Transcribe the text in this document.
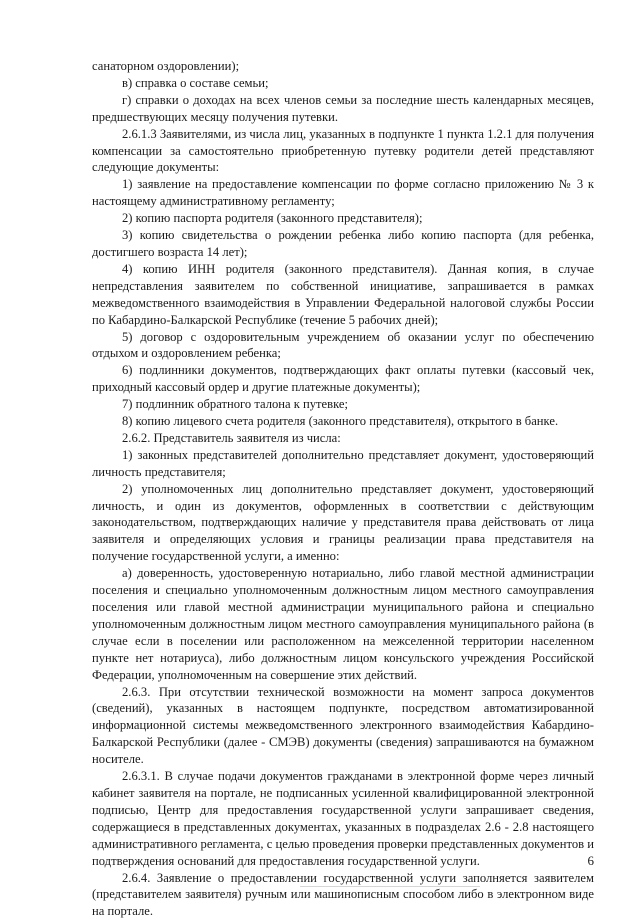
санаторном оздоровлении);

в) справка о составе семьи;

г) справки о доходах на всех членов семьи за последние шесть календарных месяцев, предшествующих месяцу получения путевки.

2.6.1.3 Заявителями, из числа лиц, указанных в подпункте 1 пункта 1.2.1 для получения компенсации за самостоятельно приобретенную путевку родители детей представляют следующие документы:

1) заявление на предоставление компенсации по форме согласно приложению № 3 к настоящему административному регламенту;

2) копию паспорта родителя (законного представителя);

3) копию свидетельства о рождении ребенка либо копию паспорта (для ребенка, достигшего возраста 14 лет);

4) копию ИНН родителя (законного представителя). Данная копия, в случае непредставления заявителем по собственной инициативе, запрашивается в рамках межведомственного взаимодействия в Управлении Федеральной налоговой службы России по Кабардино-Балкарской Республике (течение 5 рабочих дней);

5) договор с оздоровительным учреждением об оказании услуг по обеспечению отдыхом и оздоровлением ребенка;

6) подлинники документов, подтверждающих факт оплаты путевки (кассовый чек, приходный кассовый ордер и другие платежные документы);

7) подлинник обратного талона к путевке;

8) копию лицевого счета родителя (законного представителя), открытого в банке.

2.6.2. Представитель заявителя из числа:

1) законных представителей дополнительно представляет документ, удостоверяющий личность представителя;

2) уполномоченных лиц дополнительно представляет документ, удостоверяющий личность, и один из документов, оформленных в соответствии с действующим законодательством, подтверждающих наличие у представителя права действовать от лица заявителя и определяющих условия и границы реализации права представителя на получение государственной услуги, а именно:

а) доверенность, удостоверенную нотариально, либо главой местной администрации поселения и специально уполномоченным должностным лицом местного самоуправления поселения или главой местной администрации муниципального района и специально уполномоченным должностным лицом местного самоуправления муниципального района (в случае если в поселении или расположенном на межселенной территории населенном пункте нет нотариуса), либо должностным лицом консульского учреждения Российской Федерации, уполномоченным на совершение этих действий.

2.6.3. При отсутствии технической возможности на момент запроса документов (сведений), указанных в настоящем подпункте, посредством автоматизированной информационной системы межведомственного электронного взаимодействия Кабардино-Балкарской Республики (далее - СМЭВ) документы (сведения) запрашиваются на бумажном носителе.

2.6.3.1. В случае подачи документов гражданами в электронной форме через личный кабинет заявителя на портале, не подписанных усиленной квалифицированной электронной подписью, Центр для предоставления государственной услуги запрашивает сведения, содержащиеся в представленных документах, указанных в подразделах 2.6 - 2.8 настоящего административного регламента, с целью проведения проверки представленных документов и подтверждения оснований для предоставления государственной услуги.

2.6.4. Заявление о предоставлении государственной услуги заполняется заявителем (представителем заявителя) ручным или машинописным способом либо в электронном виде на портале.

6
